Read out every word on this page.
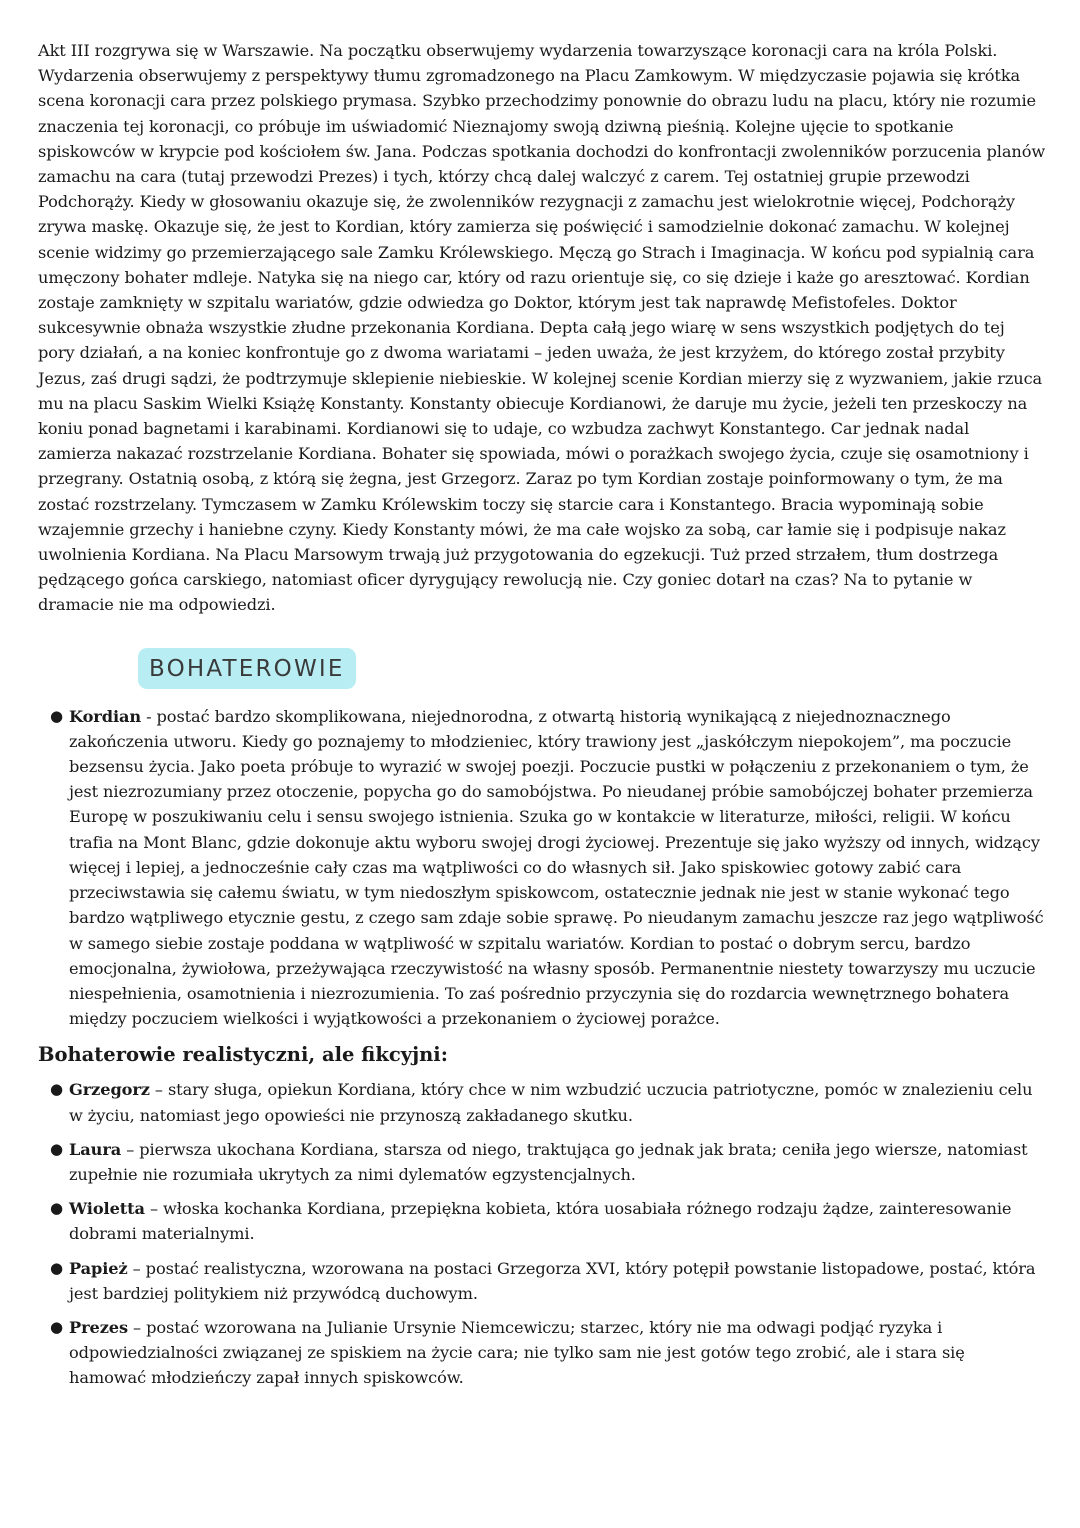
Akt III rozgrywa się w Warszawie. Na początku obserwujemy wydarzenia towarzyszące koronacji cara na króla Polski. Wydarzenia obserwujemy z perspektywy tłumu zgromadzonego na Placu Zamkowym. W międzyczasie pojawia się krótka scena koronacji cara przez polskiego prymasa. Szybko przechodzimy ponownie do obrazu ludu na placu, który nie rozumie znaczenia tej koronacji, co próbuje im uświadomić Nieznajomy swoją dziwną pieśnią. Kolejne ujęcie to spotkanie spiskowców w krypcie pod kościołem św. Jana. Podczas spotkania dochodzi do konfrontacji zwolenników porzucenia planów zamachu na cara (tutaj przewodzi Prezes) i tych, którzy chcą dalej walczyć z carem. Tej ostatniej grupie przewodzi Podchorąży. Kiedy w głosowaniu okazuje się, że zwolenników rezygnacji z zamachu jest wielokrotnie więcej, Podchorąży zrywa maskę. Okazuje się, że jest to Kordian, który zamierza się poświęcić i samodzielnie dokonać zamachu. W kolejnej scenie widzimy go przemierzającego sale Zamku Królewskiego. Męczą go Strach i Imaginacja. W końcu pod sypialnią cara umęczony bohater mdleje. Natyka się na niego car, który od razu orientuje się, co się dzieje i każe go aresztować. Kordian zostaje zamknięty w szpitalu wariatów, gdzie odwiedza go Doktor, którym jest tak naprawdę Mefistofeles. Doktor sukcesywnie obnaża wszystkie złudne przekonania Kordiana. Depta całą jego wiarę w sens wszystkich podjętych do tej pory działań, a na koniec konfrontuje go z dwoma wariatami – jeden uważa, że jest krzyżem, do którego został przybity Jezus, zaś drugi sądzi, że podtrzymuje sklepienie niebieskie. W kolejnej scenie Kordian mierzy się z wyzwaniem, jakie rzuca mu na placu Saskim Wielki Książę Konstanty. Konstanty obiecuje Kordianowi, że daruje mu życie, jeżeli ten przeskoczy na koniu ponad bagnetami i karabinami. Kordianowi się to udaje, co wzbudza zachwyt Konstantego. Car jednak nadal zamierza nakazać rozstrzelanie Kordiana. Bohater się spowiada, mówi o porażkach swojego życia, czuje się osamotniony i przegrany. Ostatnią osobą, z którą się żegna, jest Grzegorz. Zaraz po tym Kordian zostaje poinformowany o tym, że ma zostać rozstrzelany. Tymczasem w Zamku Królewskim toczy się starcie cara i Konstantego. Bracia wypominają sobie wzajemnie grzechy i haniebne czyny. Kiedy Konstanty mówi, że ma całe wojsko za sobą, car łamie się i podpisuje nakaz uwolnienia Kordiana. Na Placu Marsowym trwają już przygotowania do egzekucji. Tuż przed strzałem, tłum dostrzega pędzącego gońca carskiego, natomiast oficer dyrygujący rewolucją nie. Czy goniec dotarł na czas? Na to pytanie w dramacie nie ma odpowiedzi.

BOHATEROWIE
● Kordian - postać bardzo skomplikowana, niejednorodna, z otwartą historią wynikającą z niejednoznacznego zakończenia utworu. Kiedy go poznajemy to młodzieniec, który trawiony jest „jaskółczym niepokojem”, ma poczucie bezsensu życia. Jako poeta próbuje to wyrazić w swojej poezji. Poczucie pustki w połączeniu z przekonaniem o tym, że jest niezrozumiany przez otoczenie, popycha go do samobójstwa. Po nieudanej próbie samobójczej bohater przemierza Europę w poszukiwaniu celu i sensu swojego istnienia. Szuka go w kontakcie w literaturze, miłości, religii. W końcu trafia na Mont Blanc, gdzie dokonuje aktu wyboru swojej drogi życiowej. Prezentuje się jako wyższy od innych, widzący więcej i lepiej, a jednocześnie cały czas ma wątpliwości co do własnych sił. Jako spiskowiec gotowy zabić cara przeciwstawia się całemu światu, w tym niedoszłym spiskowcom, ostatecznie jednak nie jest w stanie wykonać tego bardzo wątpliwego etycznie gestu, z czego sam zdaje sobie sprawę. Po nieudanym zamachu jeszcze raz jego wątpliwość w samego siebie zostaje poddana w wątpliwość w szpitalu wariatów. Kordian to postać o dobrym sercu, bardzo emocjonalna, żywiołowa, przeżywająca rzeczywistość na własny sposób. Permanentnie niestety towarzyszy mu uczucie niespełnienia, osamotnienia i niezrozumienia. To zaś pośrednio przyczynia się do rozdarcia wewnętrznego bohatera między poczuciem wielkości i wyjątkowości a przekonaniem o życiowej porażce.
Bohaterowie realistyczni, ale fikcyjni:
● Grzegorz – stary sługa, opiekun Kordiana, który chce w nim wzbudzić uczucia patriotyczne, pomóc w znalezieniu celu w życiu, natomiast jego opowieści nie przynoszą zakładanego skutku.
● Laura – pierwsza ukochana Kordiana, starsza od niego, traktująca go jednak jak brata; ceniła jego wiersze, natomiast zupełnie nie rozumiała ukrytych za nimi dylematów egzystencjalnych.
● Wioletta – włoska kochanka Kordiana, przepiękna kobieta, która uosabiała różnego rodzaju żądze, zainteresowanie dobrami materialnymi.
● Papież – postać realistyczna, wzorowana na postaci Grzegorza XVI, który potępił powstanie listopadowe, postać, która jest bardziej politykiem niż przywódcą duchowym.
● Prezes – postać wzorowana na Julianie Ursynie Niemcewiczu; starzec, który nie ma odwagi podjąć ryzyka i odpowiedzialności związanej ze spiskiem na życie cara; nie tylko sam nie jest gotów tego zrobić, ale i stara się hamować młodzieńczy zapał innych spiskowców.
